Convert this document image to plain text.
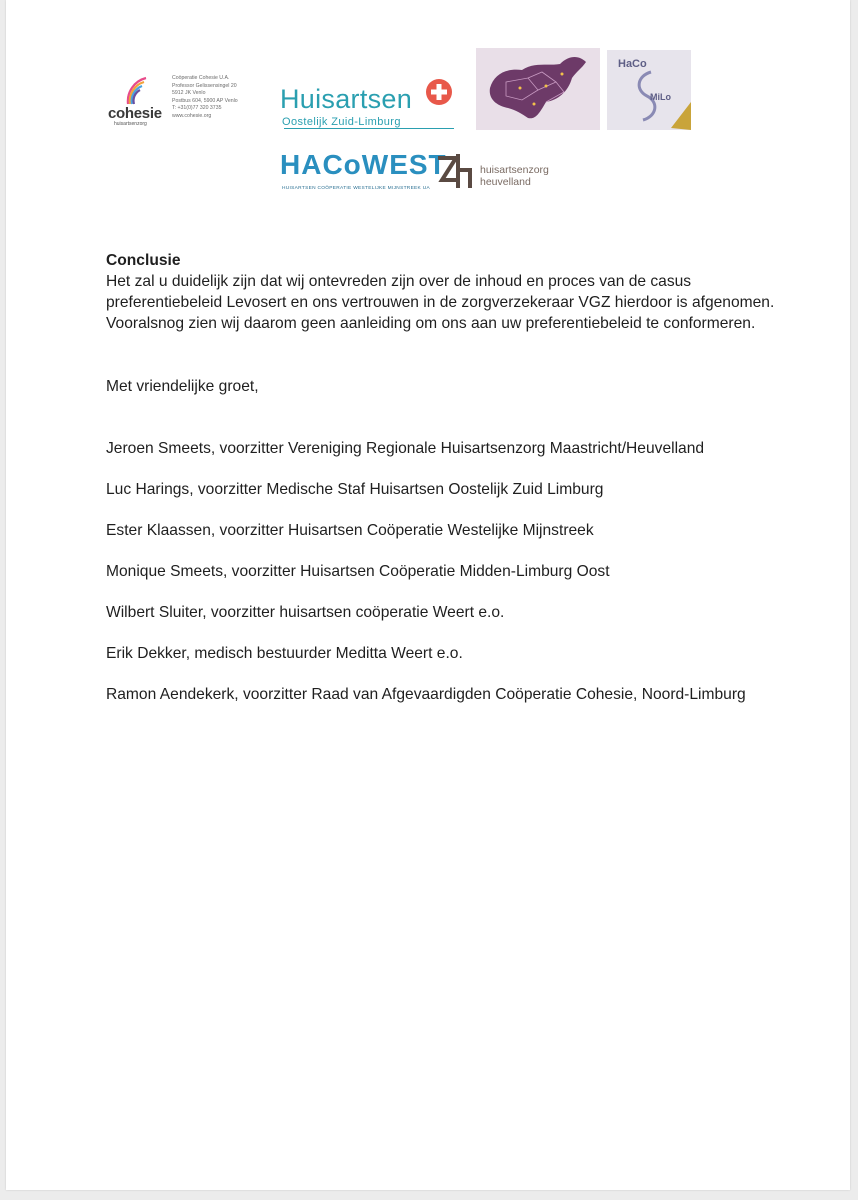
cohesie
huisartsenzorg
Coöperatie Cohesie U.A.
Professor Gelissensingel 20
5912 JK Venlo
Postbus 604, 5900 AP Venlo
T: +31(0)77 320 3735
www.cohesie.org
Huisartsen
Oostelijk Zuid-Limburg
HaCo
MiLo
HACoWEST
HUISARTSEN COÖPERATIE WESTELIJKE MIJNSTREEK UA
huisartsenzorg
heuvelland
Conclusie

Het zal u duidelijk zijn dat wij ontevreden zijn over de inhoud en proces van de casus preferentiebeleid Levosert en ons vertrouwen in de zorgverzekeraar VGZ hierdoor is afgenomen. Vooralsnog zien wij daarom geen aanleiding om ons aan uw preferentiebeleid te conformeren.

Met vriendelijke groet,
Jeroen Smeets, voorzitter Vereniging Regionale Huisartsenzorg Maastricht/Heuvelland
Luc Harings, voorzitter Medische Staf Huisartsen Oostelijk Zuid Limburg
Ester Klaassen, voorzitter Huisartsen Coöperatie Westelijke Mijnstreek
Monique Smeets, voorzitter Huisartsen Coöperatie Midden-Limburg Oost
Wilbert Sluiter, voorzitter huisartsen coöperatie Weert e.o.
Erik Dekker, medisch bestuurder Meditta Weert e.o.
Ramon Aendekerk, voorzitter Raad van Afgevaardigden Coöperatie Cohesie, Noord-Limburg
